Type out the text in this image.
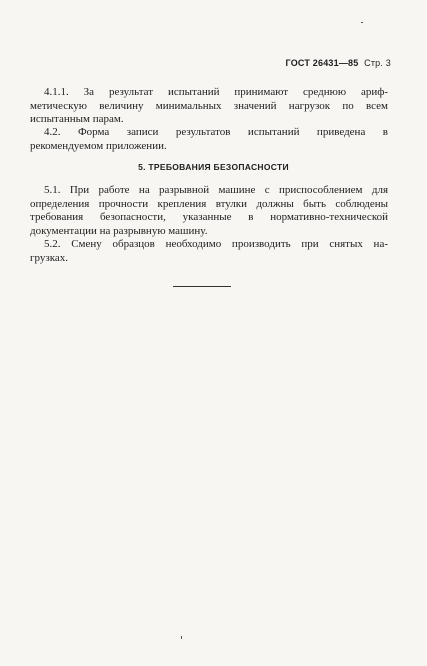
ГОСТ 26431—85 Стр. 3
4.1.1. За результат испытаний принимают среднюю ариф-
метическую величину минимальных значений нагрузок по всем
испытанным парам.
4.2. Форма записи результатов испытаний приведена в
рекомендуемом приложении.
5. ТРЕБОВАНИЯ БЕЗОПАСНОСТИ
5.1. При работе на разрывной машине с приспособлением для
определения прочности крепления втулки должны быть соблюдены
требования безопасности, указанные в нормативно-технической
документации на разрывную машину.
5.2. Смену образцов необходимо производить при снятых на-
грузках.
